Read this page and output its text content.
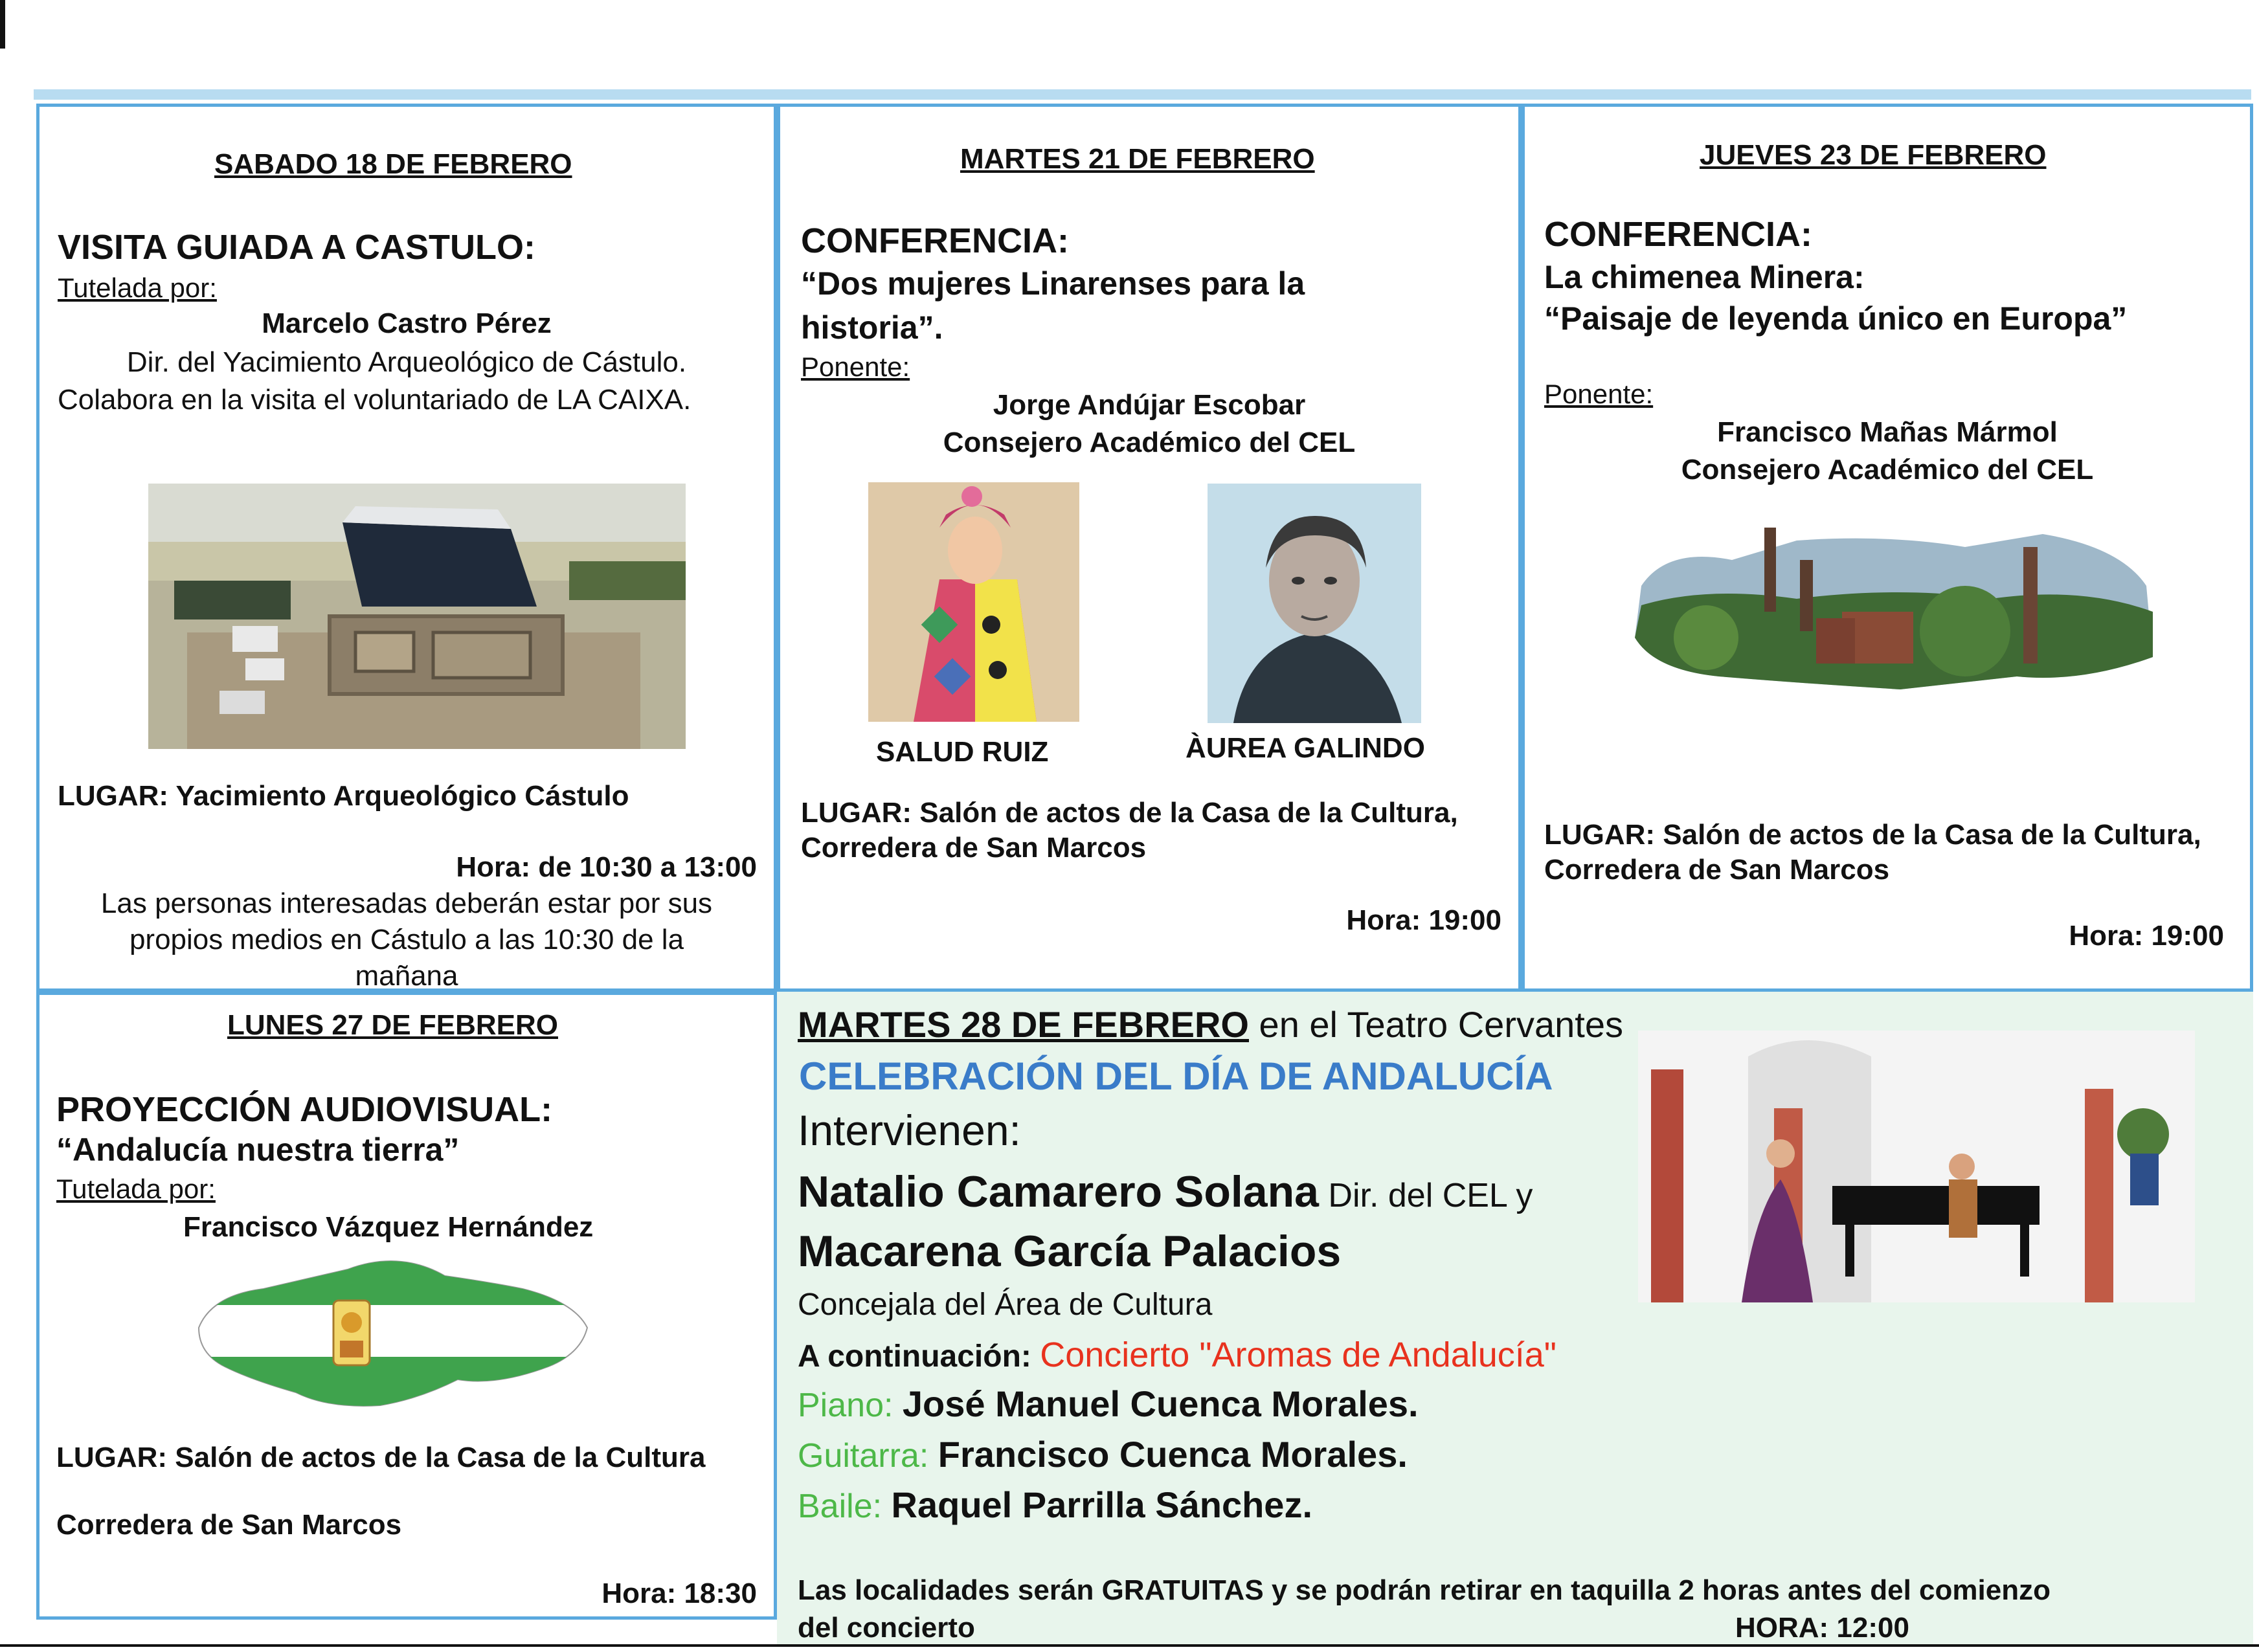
SABADO 18 DE FEBRERO
VISITA GUIADA A CASTULO:
Tutelada por:
Marcelo Castro Pérez
Dir. del Yacimiento Arqueológico de Cástulo.
Colabora en la visita el voluntariado de LA CAIXA.
LUGAR: Yacimiento Arqueológico Cástulo
Hora: de 10:30 a 13:00
Las personas interesadas deberán estar por sus
propios medios en Cástulo a las 10:30 de la
mañana
MARTES 21 DE FEBRERO
CONFERENCIA:
“Dos mujeres Linarenses para la
historia”.
Ponente:
Jorge Andújar Escobar
Consejero Académico del CEL
SALUD RUIZ	ÀUREA GALINDO
LUGAR: Salón de actos de la Casa de la Cultura,
Corredera de San Marcos
Hora: 19:00
JUEVES 23 DE FEBRERO
CONFERENCIA:
La chimenea Minera:
“Paisaje de leyenda único en Europa”
Ponente:
Francisco Mañas Mármol
Consejero Académico del CEL
LUGAR: Salón de actos de la Casa de la Cultura,
Corredera de San Marcos
Hora: 19:00
LUNES 27 DE FEBRERO
PROYECCIÓN AUDIOVISUAL:
“Andalucía nuestra tierra”
Tutelada por:
Francisco Vázquez Hernández
LUGAR: Salón de actos de la Casa de la Cultura
Corredera de San Marcos
Hora: 18:30
MARTES 28 DE FEBRERO en el Teatro Cervantes
CELEBRACIÓN DEL DÍA DE ANDALUCÍA
Intervienen:
Natalio Camarero Solana Dir. del CEL y
Macarena García Palacios
Concejala del Área de Cultura
A continuación: Concierto "Aromas de Andalucía"
Piano: José Manuel Cuenca Morales.
Guitarra: Francisco Cuenca Morales.
Baile: Raquel Parrilla Sánchez.
Las localidades serán GRATUITAS y se podrán retirar en taquilla 2 horas antes del comienzo
del concierto	HORA: 12:00
